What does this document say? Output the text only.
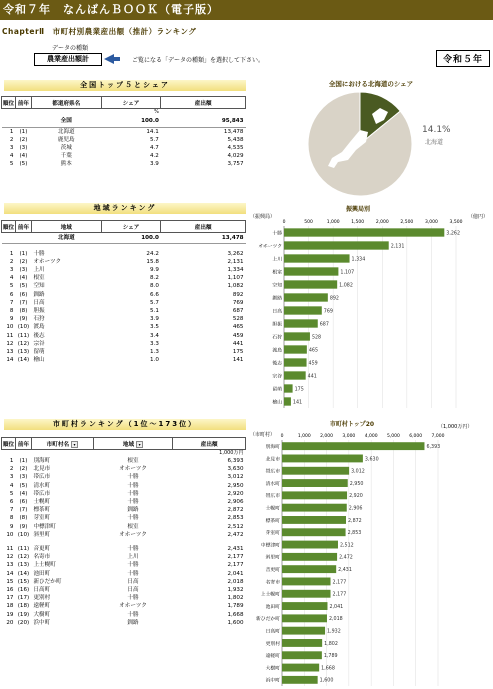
令和７年　なんばんＢＯＯＫ（電子版）
ChapterⅡ　市町村別農業産出額（推計）ランキング
データの種類
農業産出額計	ご覧になる「データの種類」を選択して下さい。	令和５年
全国トップ５とシェア
順位	前年	都道府県名	シェア	産出額
			%	
		全国	100.0	95,843
1	(1)	北海道	14.1	13,478
2	(2)	鹿児島	5.7	5,438
3	(3)	茨城	4.7	4,535
4	(4)	千葉	4.2	4,029
5	(5)	熊本	3.9	3,757
地域ランキング
順位	前年	地域	シェア	産出額
		北海道	100.0	13,478

1	(1)	十勝	24.2	3,262
2	(2)	オホーツク	15.8	2,131
3	(3)	上川	9.9	1,334
4	(4)	根室	8.2	1,107
5	(5)	空知	8.0	1,082
6	(6)	釧路	6.6	892
7	(7)	日高	5.7	769
8	(8)	胆振	5.1	687
9	(9)	石狩	3.9	528
10	(10)	渡島	3.5	465
11	(11)	後志	3.4	459
12	(12)	宗谷	3.3	441
13	(13)	留萌	1.3	175
14	(14)	檜山	1.0	141
市町村ランキング（1位～173位）
順位	前年	市町村名 ▾	地域 ▾	産出額
				1,000万円
1	(1)	別海町	根室	6,393
2	(2)	北見市	オホーツク	3,630
3	(3)	帯広市	十勝	3,012
4	(5)	清水町	十勝	2,950
5	(4)	帯広市	十勝	2,920
6	(6)	士幌町	十勝	2,906
7	(7)	標茶町	釧路	2,872
8	(8)	芽室町	十勝	2,853
9	(9)	中標津町	根室	2,512
10	(10)	斜里町	オホーツク	2,472

11	(11)	音更町	十勝	2,431
12	(12)	名寄市	上川	2,177
13	(13)	上士幌町	十勝	2,177
14	(14)	池田町	十勝	2,041
15	(15)	新ひだか町	日高	2,018
16	(16)	日高町	日高	1,932
17	(17)	更別村	十勝	1,802
18	(18)	遠軽町	オホーツク	1,789
19	(19)	大樹町	十勝	1,668
20	(20)	浜中町	釧路	1,600
全国における北海道のシェア
14.1%
北海道
振興局別
（振興局）	（億円）
0	500	1,000	1,500	2,000	2,500	3,000	3,500
十勝	3,262
オホーツク	2,131
上川	1,334
根室	1,107
空知	1,082
釧路	892
日高	769
胆振	687
石狩	528
渡島	465
後志	459
宗谷	441
留萌	175
檜山 141
市町村トップ20	（1,000万円）
（市町村） 0	1,000 2,000 3,000 4,000 5,000 6,000 7,000
別海町	6,393
北見市	3,630
帯広市	3,012
清水町	2,950
帯広市	2,920
士幌町	2,906
標茶町	2,872
芽室町	2,853
中標津町	2,512
斜里町	2,472
音更町	2,431
名寄市	2,177
上士幌町	2,177
池田町	2,041
新ひだか町	2,018
日高町	1,932
更別村	1,802
遠軽町	1,789
大樹町	1,668
浜中町	1,600
